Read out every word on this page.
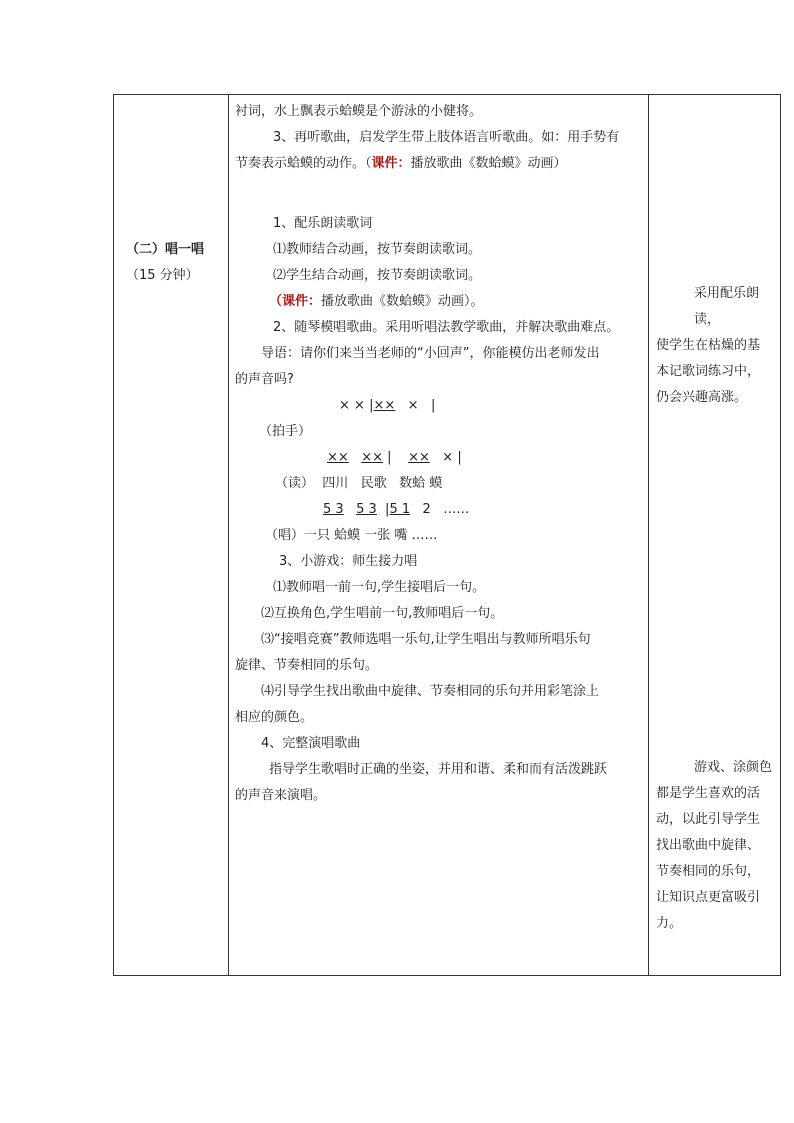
（二）唱一唱
（15 分钟）
衬词，水上飘表示蛤蟆是个游泳的小健将。
3、再听歌曲，启发学生带上肢体语言听歌曲。如：用手势有
节奏表示蛤蟆的动作。（课件：播放歌曲《数蛤蟆》动画）
1、配乐朗读歌词
⑴教师结合动画，按节奏朗读歌词。
⑵学生结合动画，按节奏朗读歌词。
（课件：播放歌曲《数蛤蟆》动画）。
2、随琴模唱歌曲。采用听唱法教学歌曲，并解决歌曲难点。
导语：请你们来当当老师的“小回声”，你能模仿出老师发出
的声音吗?
× × |×× × |
（拍手）
×× ×× | ×× × |
（读） 四川 民歌 数蛤 蟆
5 3 5 3 |5 1 2 ……
（唱）一只 蛤蟆 一张 嘴 ……
3、小游戏：师生接力唱
⑴教师唱一前一句,学生接唱后一句。
⑵互换角色,学生唱前一句,教师唱后一句。
⑶“接唱竞赛”教师选唱一乐句,让学生唱出与教师所唱乐句
旋律、节奏相同的乐句。
⑷引导学生找出歌曲中旋律、节奏相同的乐句并用彩笔涂上
相应的颜色。
4、完整演唱歌曲
指导学生歌唱时正确的坐姿，并用和谐、柔和而有活泼跳跃
的声音来演唱。
采用配乐朗读，
使学生在枯燥的基
本记歌词练习中，
仍会兴趣高涨。
游戏、涂颜色
都是学生喜欢的活
动，以此引导学生
找出歌曲中旋律、
节奏相同的乐句，
让知识点更富吸引
力。
